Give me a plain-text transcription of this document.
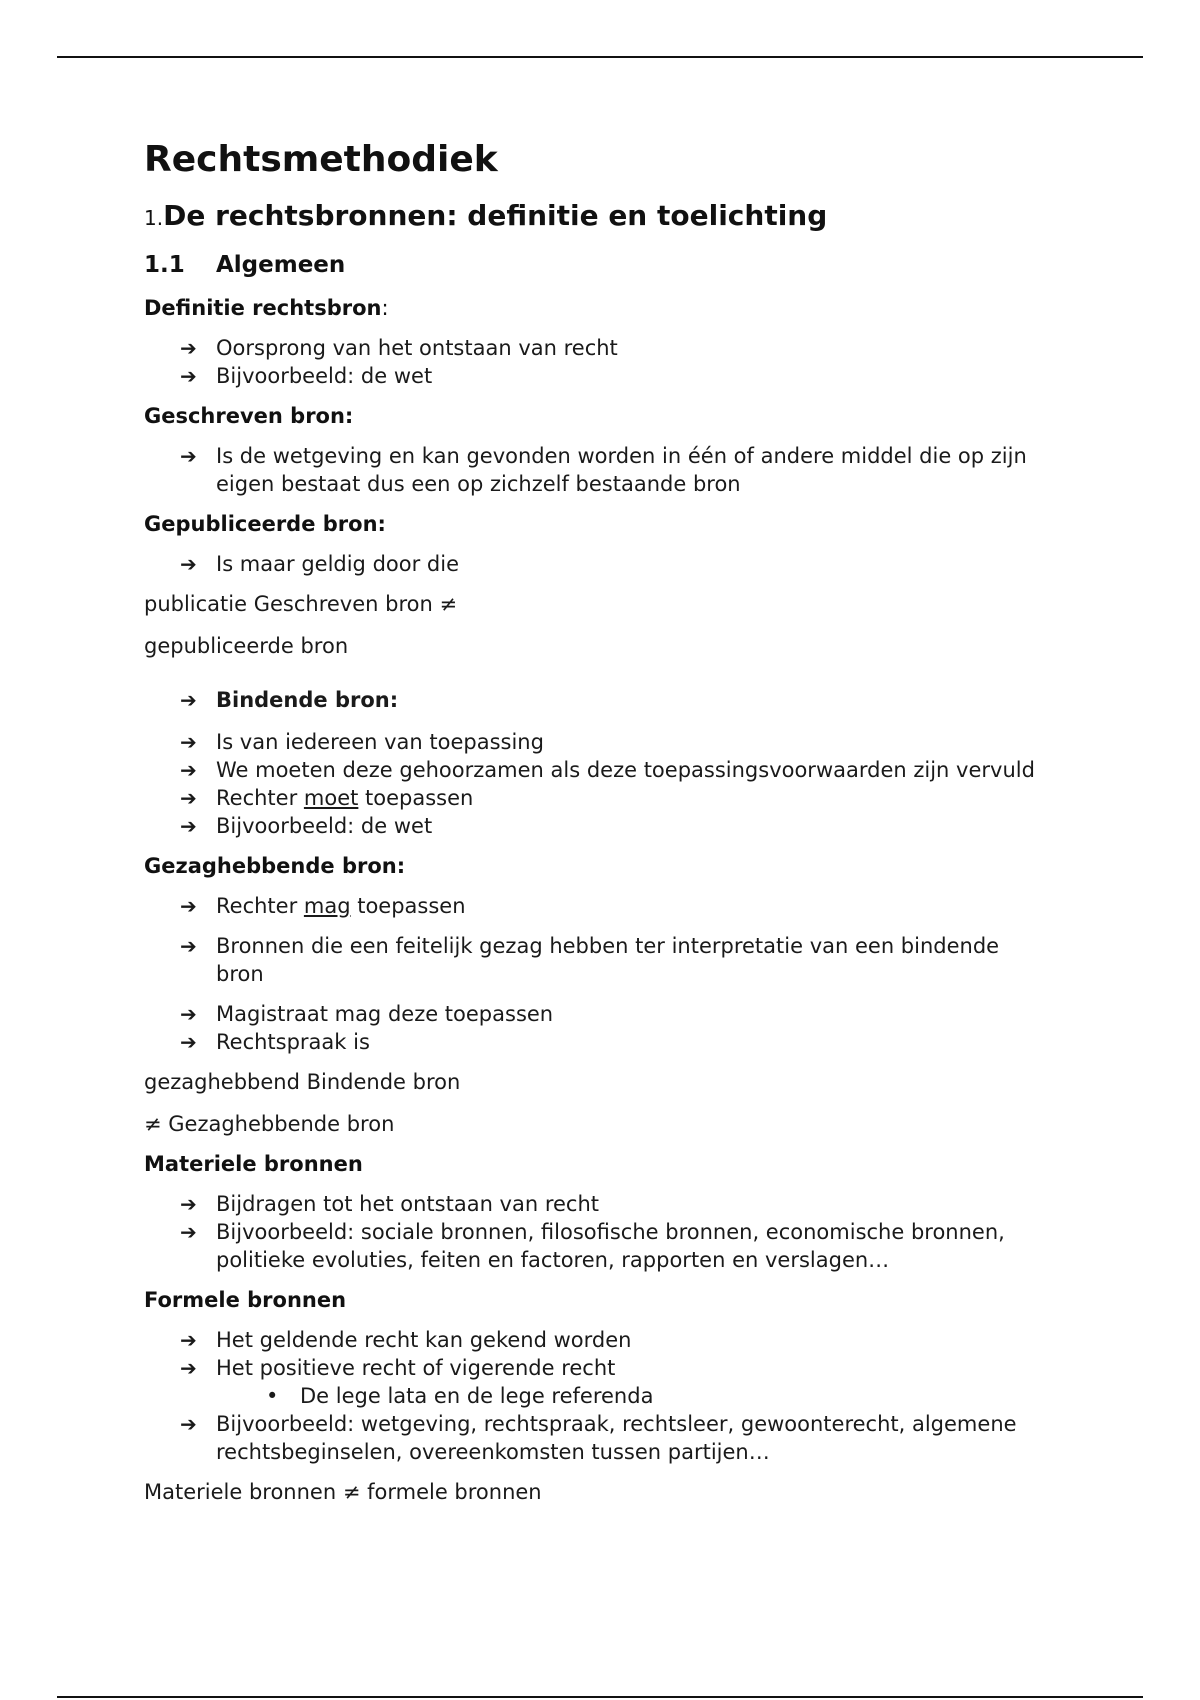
Rechtsmethodiek
1.De rechtsbronnen: definitie en toelichting
1.1 Algemeen
Definitie rechtsbron:
➔ Oorsprong van het ontstaan van recht
➔ Bijvoorbeeld: de wet
Geschreven bron:
➔ Is de wetgeving en kan gevonden worden in één of andere middel die op zijn eigen bestaat dus een op zichzelf bestaande bron
Gepubliceerde bron:
➔ Is maar geldig door die
publicatie Geschreven bron ≠
gepubliceerde bron
➔ Bindende bron:
➔ Is van iedereen van toepassing
➔ We moeten deze gehoorzamen als deze toepassingsvoorwaarden zijn vervuld
➔ Rechter moet toepassen
➔ Bijvoorbeeld: de wet
Gezaghebbende bron:
➔ Rechter mag toepassen
➔ Bronnen die een feitelijk gezag hebben ter interpretatie van een bindende bron
➔ Magistraat mag deze toepassen
➔ Rechtspraak is
gezaghebbend Bindende bron
≠ Gezaghebbende bron
Materiele bronnen
➔ Bijdragen tot het ontstaan van recht
➔ Bijvoorbeeld: sociale bronnen, filosofische bronnen, economische bronnen, politieke evoluties, feiten en factoren, rapporten en verslagen…
Formele bronnen
➔ Het geldende recht kan gekend worden
➔ Het positieve recht of vigerende recht
• De lege lata en de lege referenda
➔ Bijvoorbeeld: wetgeving, rechtspraak, rechtsleer, gewoonterecht, algemene rechtsbeginselen, overeenkomsten tussen partijen…
Materiele bronnen ≠ formele bronnen
